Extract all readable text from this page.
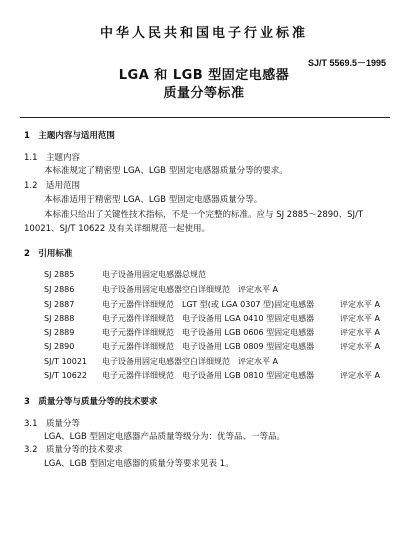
中华人民共和国电子行业标准
SJ/T 5569.5－1995
LGA 和 LGB 型固定电感器
质量分等标准
1　主题内容与适用范围
1.1　主题内容
本标准规定了精密型 LGA、LGB 型固定电感器质量分等的要求。
1.2　适用范围
本标准适用于精密型 LGA、LGB 型固定电感器质量分等。
本标准只给出了关键性技术指标，不是一个完整的标准。应与 SJ 2885～2890、SJ/T
10021、SJ/T 10622 及有关详细规范一起使用。
2　引用标准
SJ 2885	电子设备用固定电感器总规范
SJ 2886	电子设备用固定电感器空白详细规范　评定水平 A
SJ 2887	电子元器件详细规范　LGT 型(或 LGA 0307 型)固定电感器	评定水平 A
SJ 2888	电子元器件详细规范　电子设备用 LGA 0410 型固定电感器	评定水平 A
SJ 2889	电子元器件详细规范　电子设备用 LGB 0606 型固定电感器	评定水平 A
SJ 2890	电子元器件详细规范　电子设备用 LGB 0809 型固定电感器	评定水平 A
SJ/T 10021 电子设备用固定电感器空白详细规范　评定水平 A
SJ/T 10622 电子元器件详细规范　电子设备用 LGB 0810 型固定电感器	评定水平 A
3　质量分等与质量分等的技术要求
3.1　质量分等
LGA、LGB 型固定电感器产品质量等级分为：优等品、一等品。
3.2　质量分等的技术要求
LGA、LGB 型固定电感器的质量分等要求见表 1。
